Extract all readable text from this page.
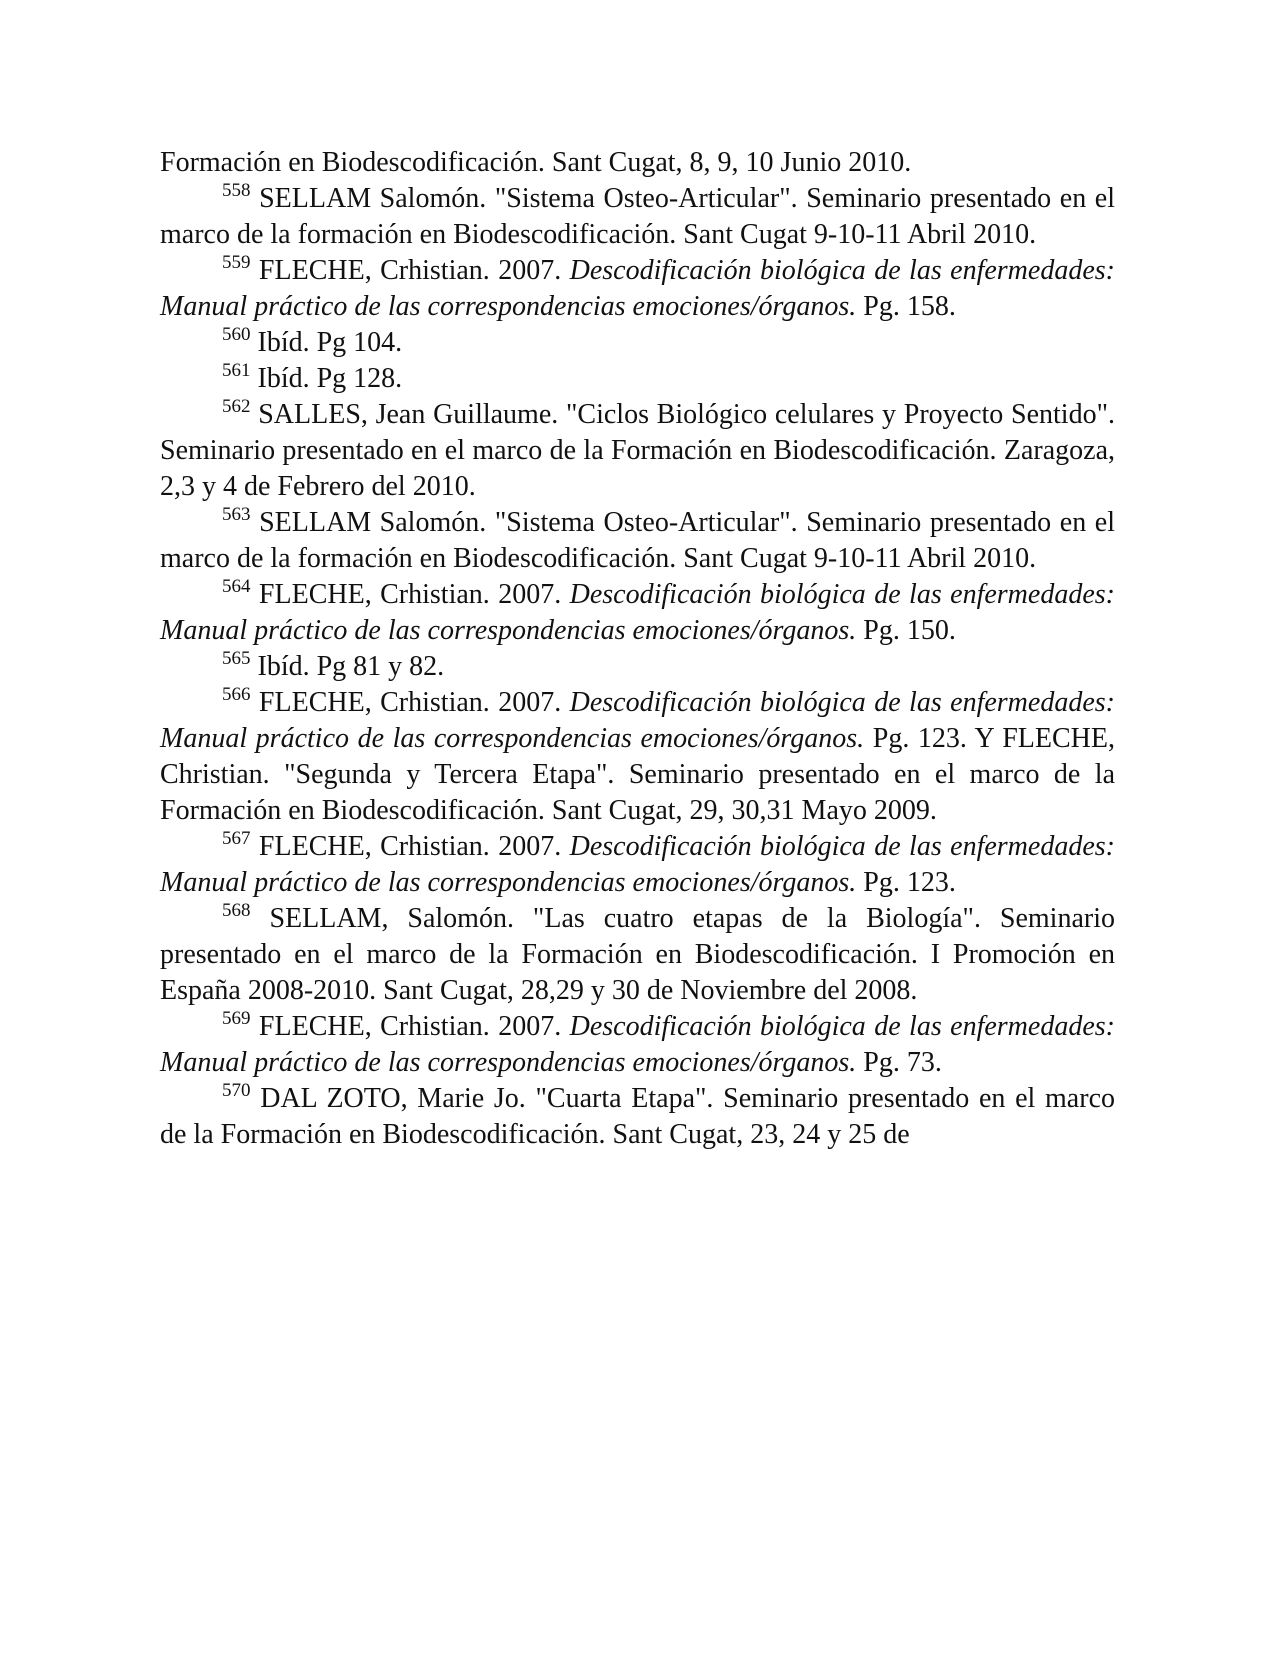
Formación en Biodescodificación. Sant Cugat, 8, 9, 10 Junio 2010.

$^{558}$ SELLAM Salomón. "Sistema Osteo-Articular". Seminario presentado en el marco de la formación en Biodescodificación. Sant Cugat 9-10-11 Abril 2010.

$^{559}$ FLECHE, Crhistian. 2007. Descodificación biológica de las enfermedades: Manual práctico de las correspondencias emociones/órganos. Pg. 158.

$^{560}$ Ibíd. Pg 104.

$^{561}$ Ibíd. Pg 128.

$^{562}$ SALLES, Jean Guillaume. "Ciclos Biológico celulares y Proyecto Sentido". Seminario presentado en el marco de la Formación en Biodescodificación. Zaragoza, 2,3 y 4 de Febrero del 2010.

$^{563}$ SELLAM Salomón. "Sistema Osteo-Articular". Seminario presentado en el marco de la formación en Biodescodificación. Sant Cugat 9-10-11 Abril 2010.

$^{564}$ FLECHE, Crhistian. 2007. Descodificación biológica de las enfermedades: Manual práctico de las correspondencias emociones/órganos. Pg. 150.

$^{565}$ Ibíd. Pg 81 y 82.

$^{566}$ FLECHE, Crhistian. 2007. Descodificación biológica de las enfermedades: Manual práctico de las correspondencias emociones/órganos. Pg. 123. Y FLECHE, Christian. "Segunda y Tercera Etapa". Seminario presentado en el marco de la Formación en Biodescodificación. Sant Cugat, 29, 30,31 Mayo 2009.

$^{567}$ FLECHE, Crhistian. 2007. Descodificación biológica de las enfermedades: Manual práctico de las correspondencias emociones/órganos. Pg. 123.

$^{568}$ SELLAM, Salomón. "Las cuatro etapas de la Biología". Seminario presentado en el marco de la Formación en Biodescodificación. I Promoción en España 2008-2010. Sant Cugat, 28,29 y 30 de Noviembre del 2008.

$^{569}$ FLECHE, Crhistian. 2007. Descodificación biológica de las enfermedades: Manual práctico de las correspondencias emociones/órganos. Pg. 73.

$^{570}$ DAL ZOTO, Marie Jo. "Cuarta Etapa". Seminario presentado en el marco de la Formación en Biodescodificación. Sant Cugat, 23, 24 y 25 de
